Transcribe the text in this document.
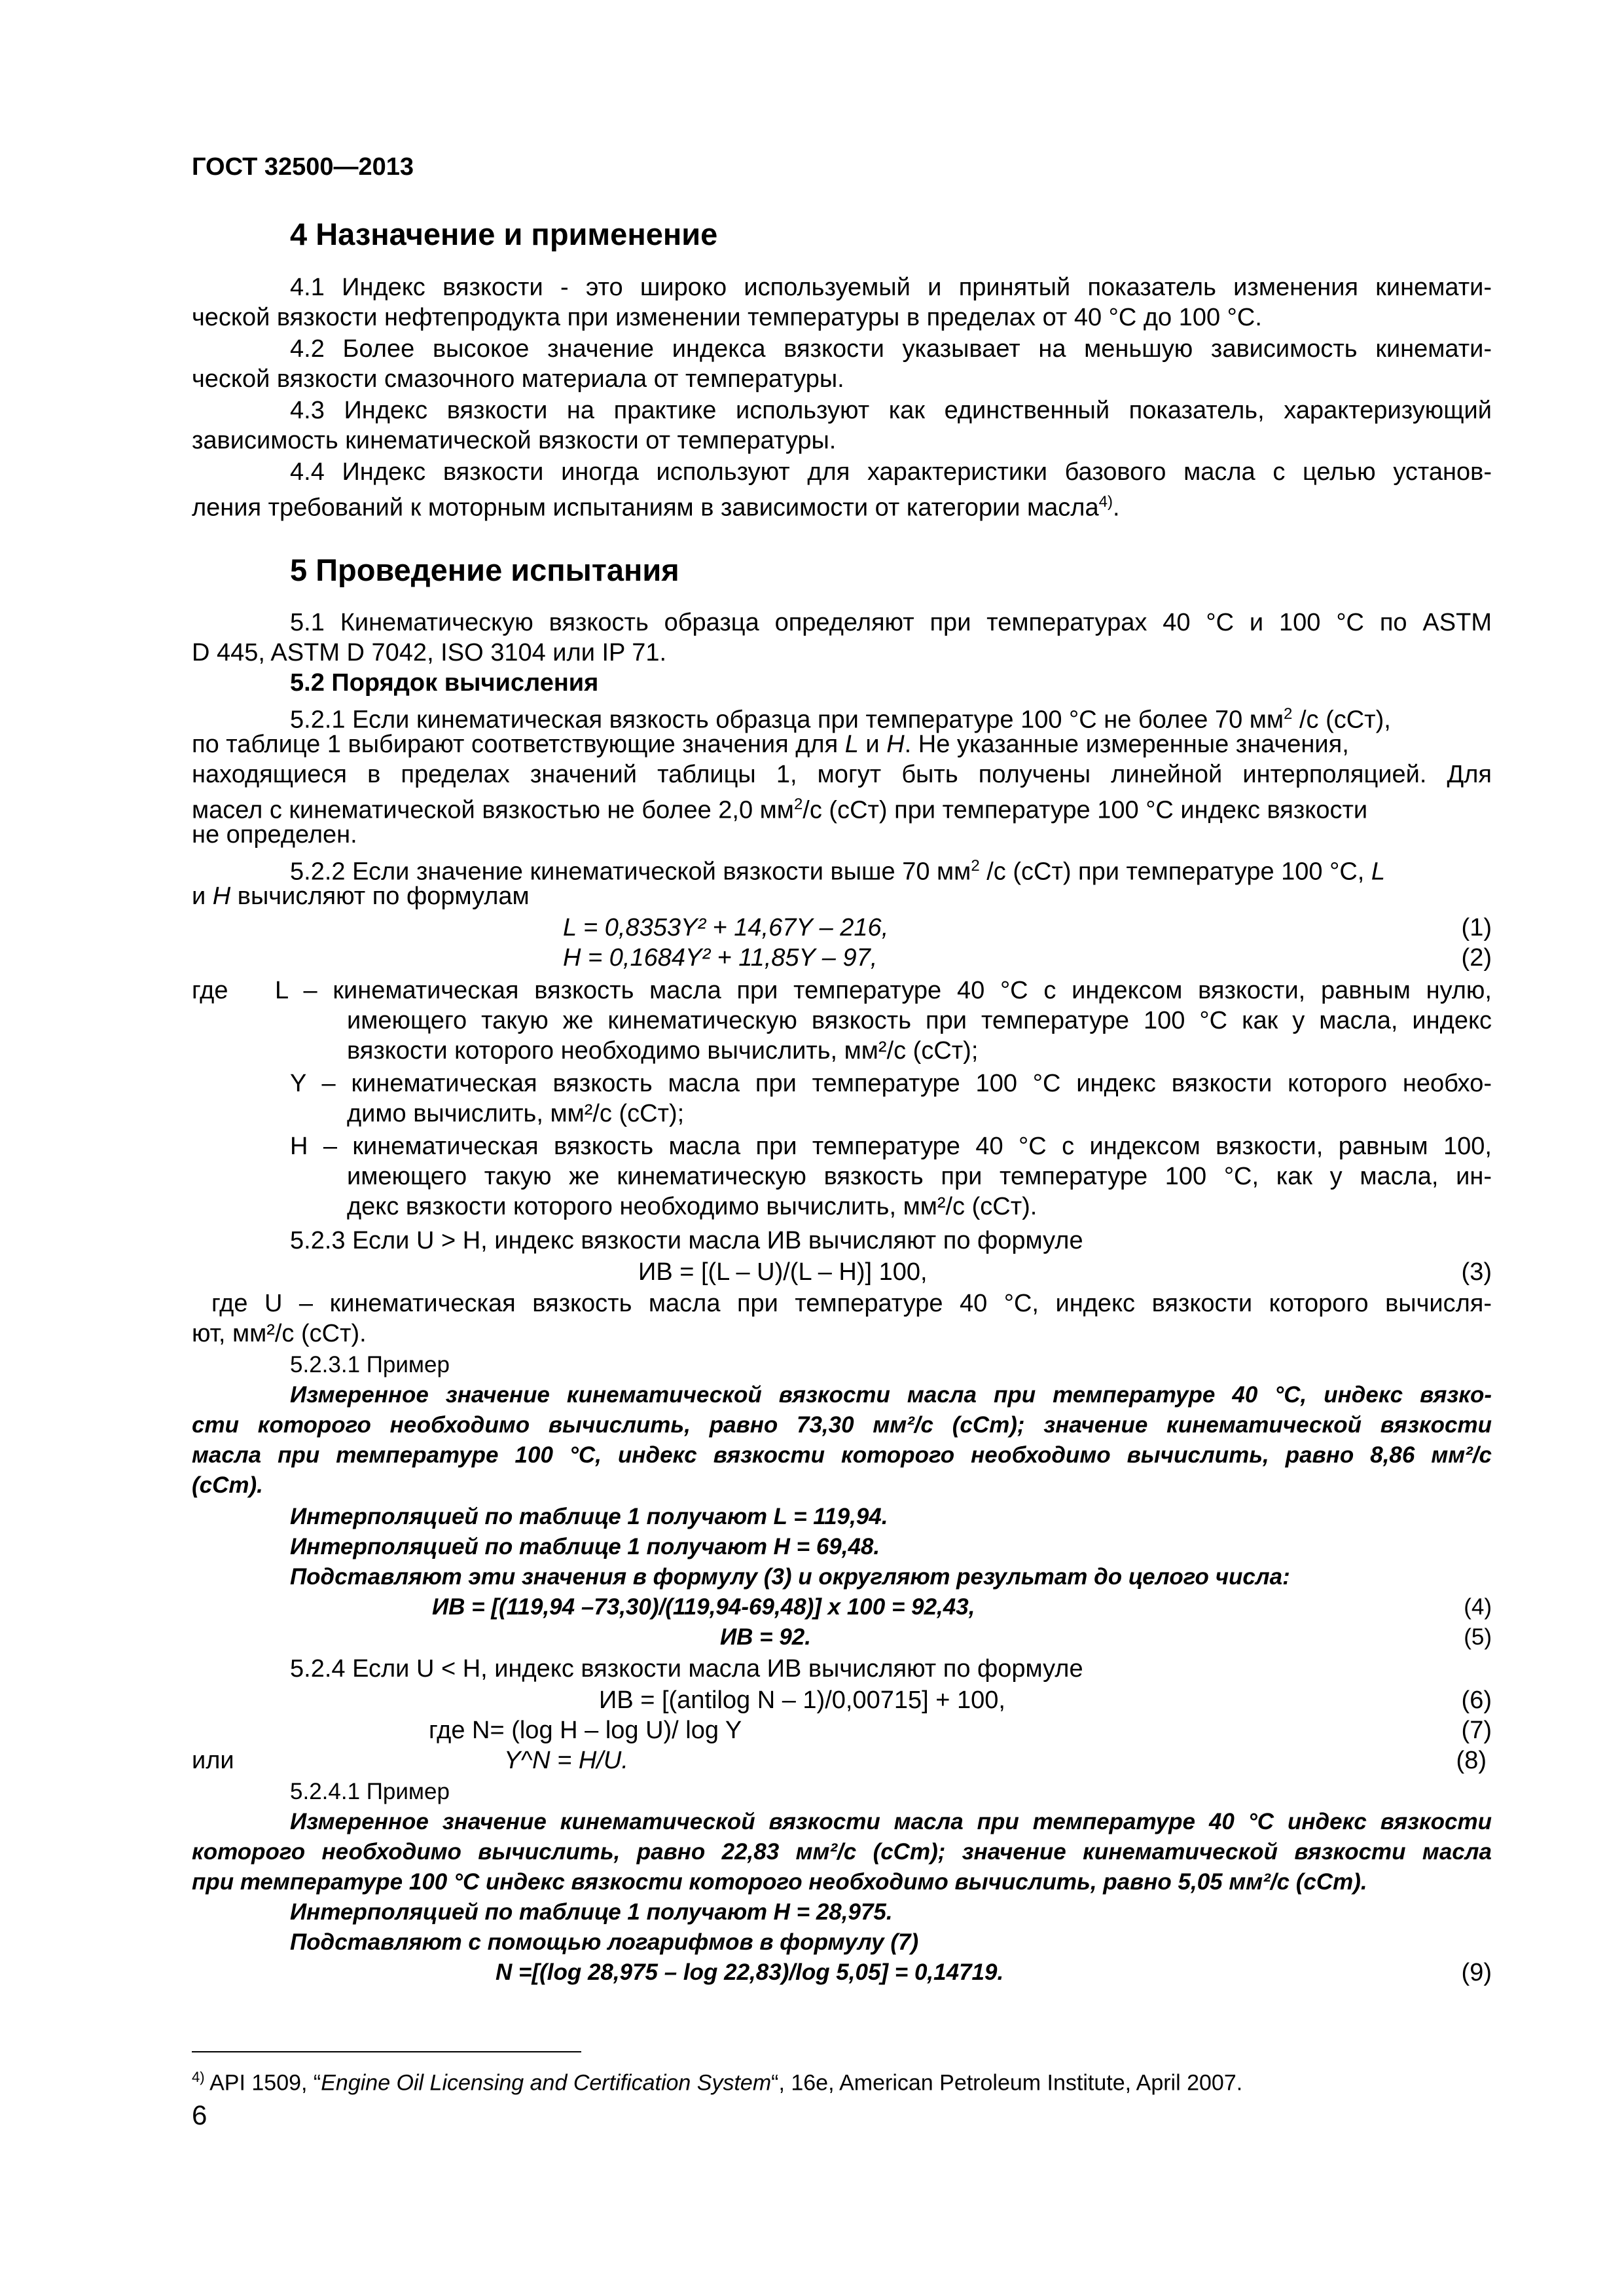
ГОСТ 32500—2013
4 Назначение и применение
4.1 Индекс вязкости - это широко используемый и принятый показатель изменения кинемати-
ческой вязкости нефтепродукта при изменении температуры в пределах от 40 °С до 100 °С.
4.2 Более высокое значение индекса вязкости указывает на меньшую зависимость кинемати-
ческой вязкости смазочного материала от температуры.
4.3 Индекс вязкости на практике используют как единственный показатель, характеризующий
зависимость кинематической вязкости от температуры.
4.4 Индекс вязкости иногда используют для характеристики базового масла с целью установ-
ления требований к моторным испытаниям в зависимости от категории масла$^{4)}$.
5 Проведение испытания
5.1 Кинематическую вязкость образца определяют при температурах 40 °С и 100 °С по ASTM
D 445, ASTM D 7042, ISO 3104 или IP 71.
5.2 Порядок вычисления
5.2.1 Если кинематическая вязкость образца при температуре 100 °С не более 70 $мм^2$ /с (сСт),
по таблице 1 выбирают соответствующие значения для L и H. Не указанные измеренные значения,
находящиеся в пределах значений таблицы 1, могут быть получены линейной интерполяцией. Для
масел с кинематической вязкостью не более 2,0 $мм^2/с$ (сСт) при температуре 100 °С индекс вязкости
не определен.
5.2.2 Если значение кинематической вязкости выше 70 $мм^2$ /с (сСт) при температуре 100 °С, L
и H вычисляют по формулам
L = 0,8353Y² + 14,67Y – 216,	(1)
H = 0,1684Y² + 11,85Y – 97,	(2)
где	L – кинематическая вязкость масла при температуре 40 °С с индексом вязкости, равным нулю,
имеющего такую же кинематическую вязкость при температуре 100 °С как у масла, индекс
вязкости которого необходимо вычислить, мм²/с (сСт);
Y – кинематическая вязкость масла при температуре 100 °С индекс вязкости которого необхо-
димо вычислить, мм²/с (сСт);
H – кинематическая вязкость масла при температуре 40 °С с индексом вязкости, равным 100,
имеющего такую же кинематическую вязкость при температуре 100 °С, как у масла, ин-
декс вязкости которого необходимо вычислить, мм²/с (сСт).
5.2.3 Если U > H, индекс вязкости масла ИВ вычисляют по формуле
ИВ = [(L – U)/(L – H)] 100,	(3)
где U – кинематическая вязкость масла при температуре 40 °С, индекс вязкости которого вычисля-
ют, мм²/с (сСт).
5.2.3.1 Пример
Измеренное значение кинематической вязкости масла при температуре 40 °С, индекс вязко-
сти которого необходимо вычислить, равно 73,30 мм²/с (сСт); значение кинематической вязкости
масла при температуре 100 °С, индекс вязкости которого необходимо вычислить, равно 8,86 мм²/с
(сСт).
Интерполяцией по таблице 1 получают L = 119,94.
Интерполяцией по таблице 1 получают H = 69,48.
Подставляют эти значения в формулу (3) и округляют результат до целого числа:
ИВ = [(119,94 –73,30)/(119,94-69,48)] x 100 = 92,43,	(4)
ИВ = 92.	(5)
5.2.4 Если U < H, индекс вязкости масла ИВ вычисляют по формуле
ИВ = [(antilog N – 1)/0,00715] + 100,	(6)
где N= (log H – log U)/ log Y	(7)
или	Y^N = H/U.	(8)
5.2.4.1 Пример
Измеренное значение кинематической вязкости масла при температуре 40 °С индекс вязкости
которого необходимо вычислить, равно 22,83 мм²/с (сСт); значение кинематической вязкости масла
при температуре 100 °С индекс вязкости которого необходимо вычислить, равно 5,05 мм²/с (сСт).
Интерполяцией по таблице 1 получают H = 28,975.
Подставляют с помощью логарифмов в формулу (7)
N =[(log 28,975 – log 22,83)/log 5,05] = 0,14719.	(9)
$^{4)}$ API 1509, “Engine Oil Licensing and Certification System“, 16e, American Petroleum Institute, April 2007.
6
